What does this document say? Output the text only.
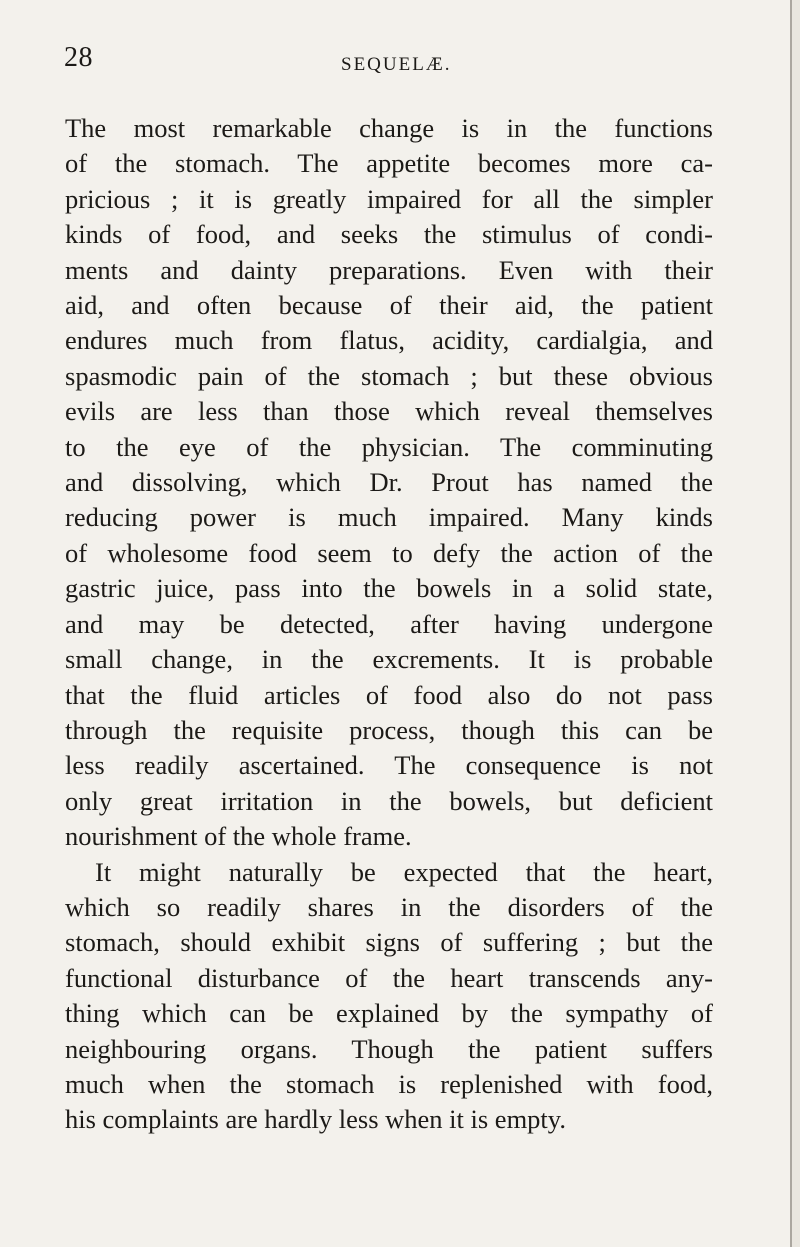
28	SEQUELÆ.
The most remarkable change is in the functions
of the stomach. The appetite becomes more ca-
pricious ; it is greatly impaired for all the simpler
kinds of food, and seeks the stimulus of condi-
ments and dainty preparations. Even with their
aid, and often because of their aid, the patient
endures much from flatus, acidity, cardialgia, and
spasmodic pain of the stomach ; but these obvious
evils are less than those which reveal themselves
to the eye of the physician. The comminuting
and dissolving, which Dr. Prout has named the
reducing power is much impaired. Many kinds
of wholesome food seem to defy the action of the
gastric juice, pass into the bowels in a solid state,
and may be detected, after having undergone
small change, in the excrements. It is probable
that the fluid articles of food also do not pass
through the requisite process, though this can be
less readily ascertained. The consequence is not
only great irritation in the bowels, but deficient
nourishment of the whole frame.
It might naturally be expected that the heart,
which so readily shares in the disorders of the
stomach, should exhibit signs of suffering ; but the
functional disturbance of the heart transcends any-
thing which can be explained by the sympathy of
neighbouring organs. Though the patient suffers
much when the stomach is replenished with food,
his complaints are hardly less when it is empty.
